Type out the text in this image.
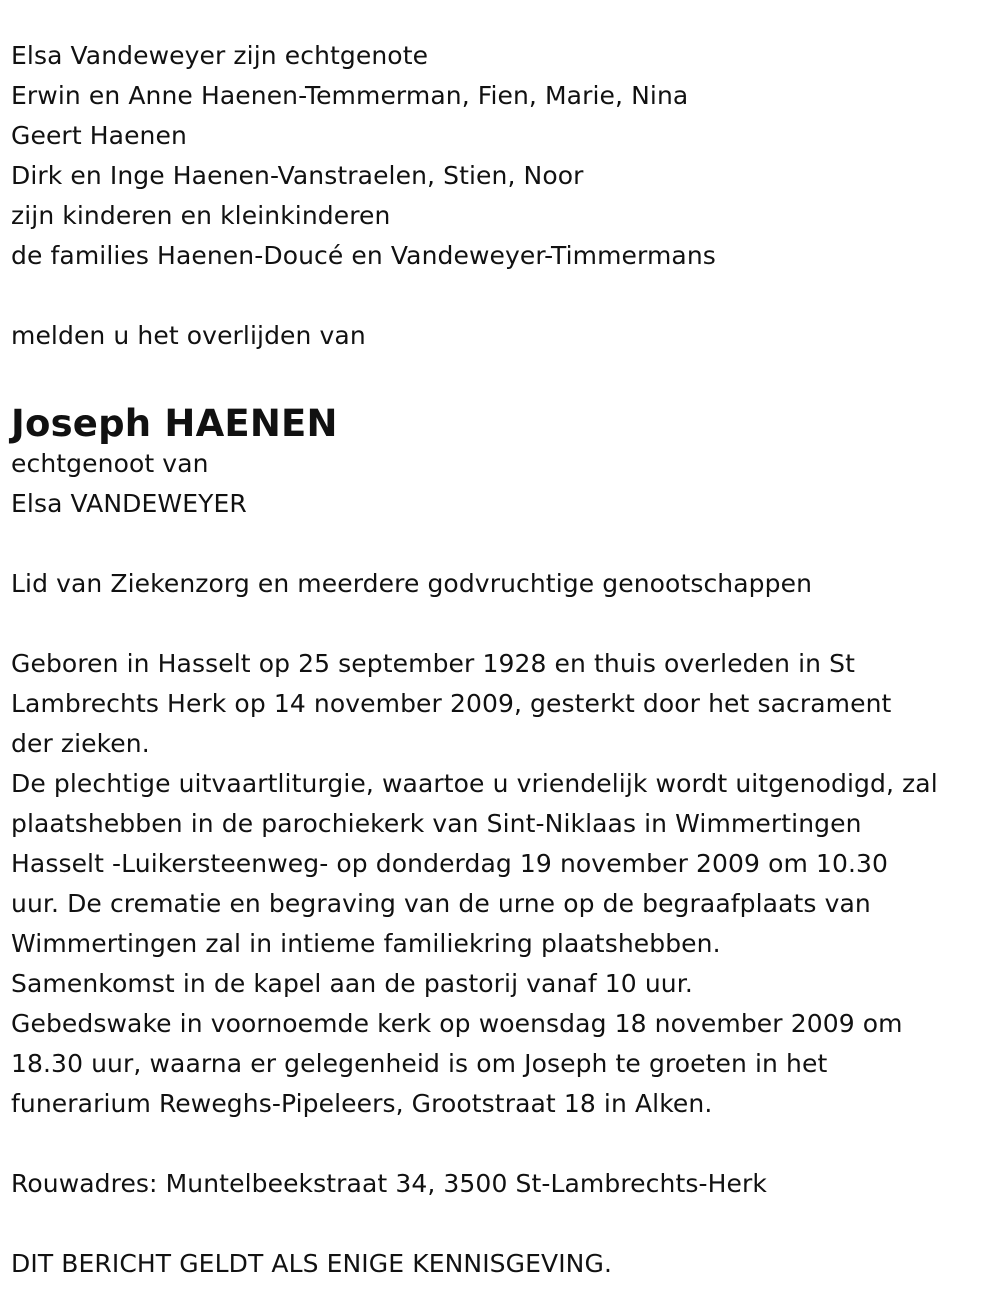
Elsa Vandeweyer zijn echtgenote
Erwin en Anne Haenen-Temmerman, Fien, Marie, Nina
Geert Haenen
Dirk en Inge Haenen-Vanstraelen, Stien, Noor
zijn kinderen en kleinkinderen
de families Haenen-Doucé en Vandeweyer-Timmermans
melden u het overlijden van
Joseph HAENEN
echtgenoot van
Elsa VANDEWEYER
Lid van Ziekenzorg en meerdere godvruchtige genootschappen
Geboren in Hasselt op 25 september 1928 en thuis overleden in St
Lambrechts Herk op 14 november 2009, gesterkt door het sacrament
der zieken.
De plechtige uitvaartliturgie, waartoe u vriendelijk wordt uitgenodigd, zal
plaatshebben in de parochiekerk van Sint-Niklaas in Wimmertingen
Hasselt -Luikersteenweg- op donderdag 19 november 2009 om 10.30
uur. De crematie en begraving van de urne op de begraafplaats van
Wimmertingen zal in intieme familiekring plaatshebben.
Samenkomst in de kapel aan de pastorij vanaf 10 uur.
Gebedswake in voornoemde kerk op woensdag 18 november 2009 om
18.30 uur, waarna er gelegenheid is om Joseph te groeten in het
funerarium Reweghs-Pipeleers, Grootstraat 18 in Alken.
Rouwadres: Muntelbeekstraat 34, 3500 St-Lambrechts-Herk
DIT BERICHT GELDT ALS ENIGE KENNISGEVING.
